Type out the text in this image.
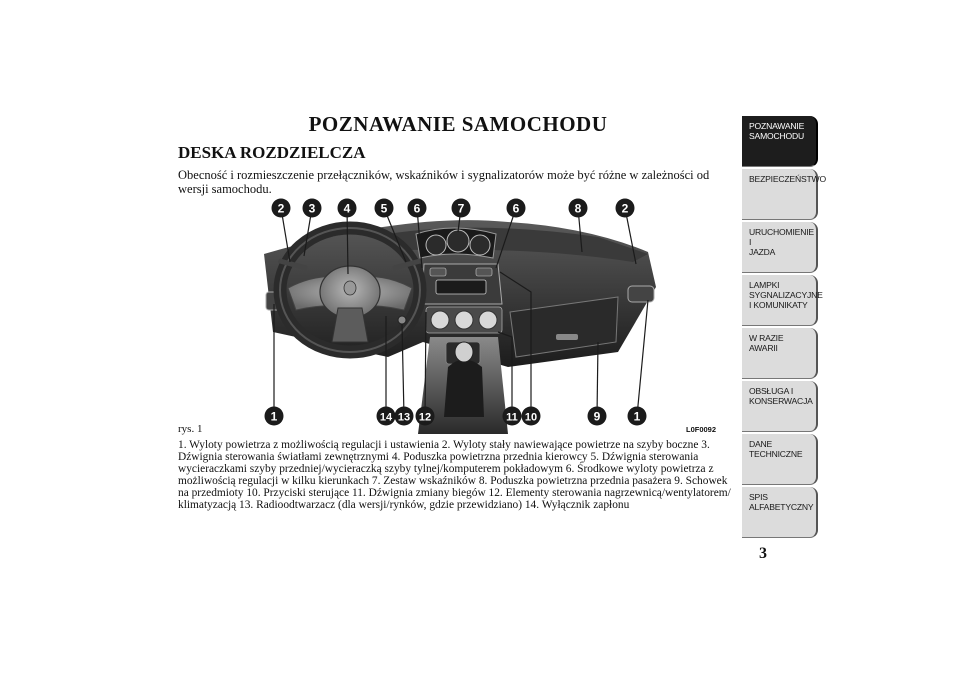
POZNAWANIE SAMOCHODU
DESKA ROZDZIELCZA
Obecność i rozmieszczenie przełączników, wskaźników i sygnalizatorów może być różne w zależności od wersji samochodu.
2 3 4	5 6	7	6	8	2
1	14 13 12	11 10	9	1
rys. 1	L0F0092
1. Wyloty powietrza z możliwością regulacji i ustawienia 2. Wyloty stały nawiewające powietrze na szyby boczne 3. Dźwignia sterowania światłami zewnętrznymi 4. Poduszka powietrzna przednia kierowcy 5. Dźwignia sterowania wycieraczkami szyby przedniej/wycieraczką szyby tylnej/komputerem pokładowym 6. Środkowe wyloty powietrza z możliwością regulacji w kilku kierunkach 7. Zestaw wskaźników 8. Poduszka powietrzna przednia pasażera 9. Schowek na przedmioty 10. Przyciski sterujące 11. Dźwignia zmiany biegów 12. Elementy sterowania nagrzewnicą/wentylatorem/ klimatyzacją 13. Radioodtwarzacz (dla wersji/rynków, gdzie przewidziano) 14. Wyłącznik zapłonu
POZNAWANIE
SAMOCHODU
BEZPIECZEŃSTWO
URUCHOMIENIE I
JAZDA
LAMPKI
SYGNALIZACYJNE
I KOMUNIKATY
W RAZIE AWARII
OBSŁUGA I
KONSERWACJA
DANE
TECHNICZNE
SPIS
ALFABETYCZNY
3
